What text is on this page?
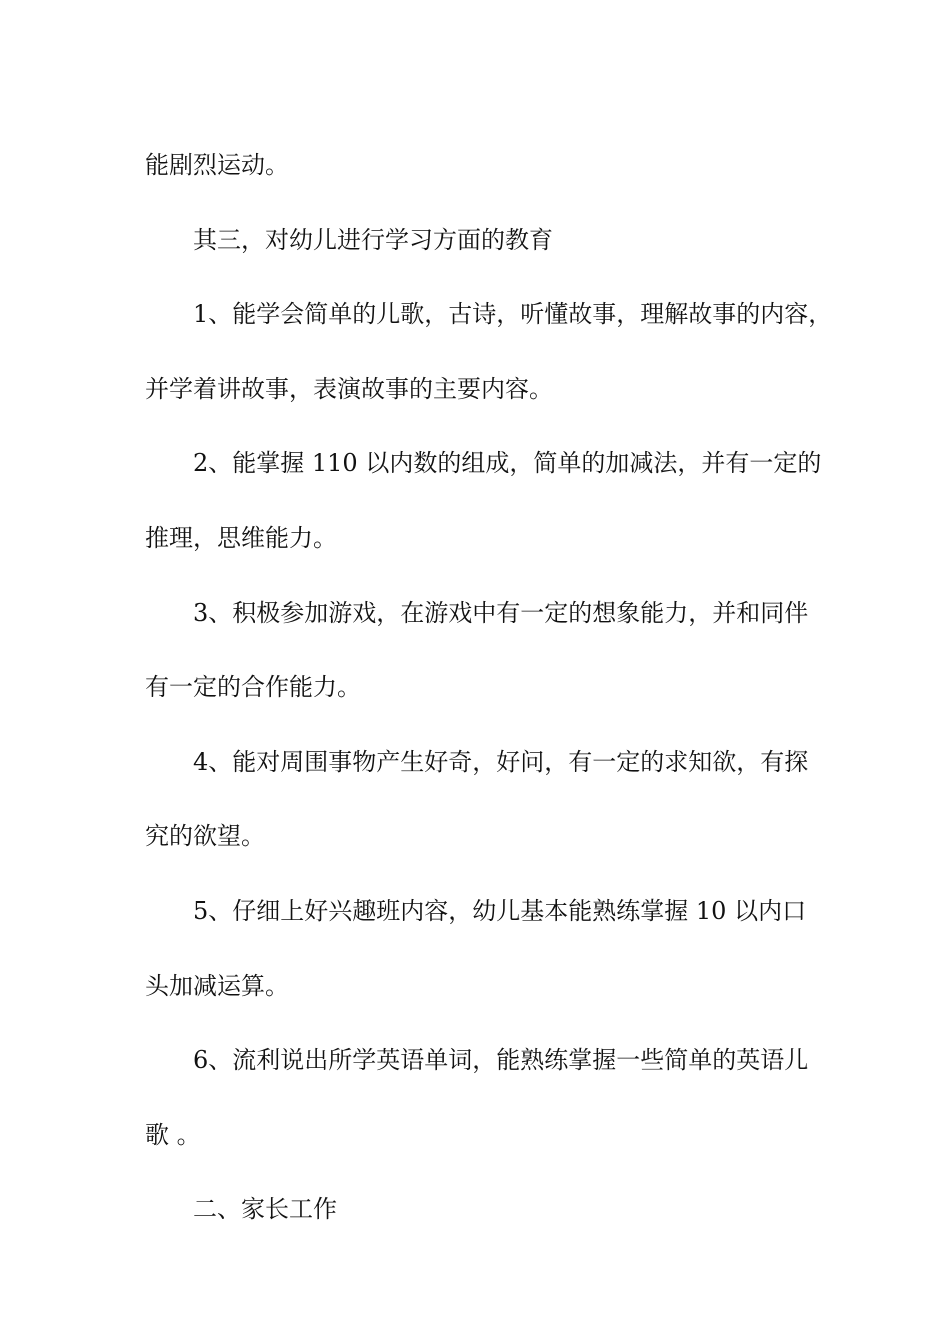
能剧烈运动。

其三，对幼儿进行学习方面的教育

1、能学会简单的儿歌，古诗，听懂故事，理解故事的内容，

并学着讲故事，表演故事的主要内容。

2、能掌握 110 以内数的组成，简单的加减法，并有一定的

推理，思维能力。

3、积极参加游戏，在游戏中有一定的想象能力，并和同伴

有一定的合作能力。

4、能对周围事物产生好奇，好问，有一定的求知欲，有探

究的欲望。

5、仔细上好兴趣班内容，幼儿基本能熟练掌握 10 以内口

头加减运算。

6、流利说出所学英语单词，能熟练掌握一些简单的英语儿

歌 。

二、家长工作
